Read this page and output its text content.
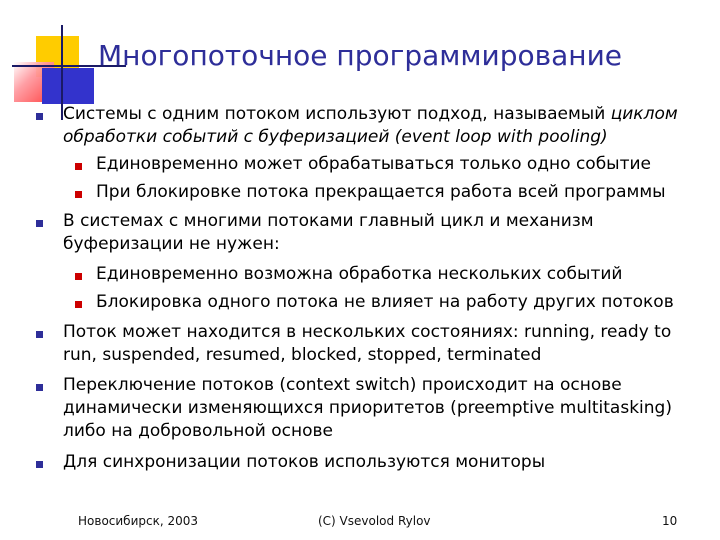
Многопоточное программирование
Системы с одним потоком используют подход, называемый циклом обработки событий с буферизацией (event loop with pooling)
Единовременно может обрабатываться только одно событие
При блокировке потока прекращается работа всей программы
В системах с многими потоками главный цикл и механизм буферизации не нужен:
Единовременно возможна обработка нескольких событий
Блокировка одного потока не влияет на работу других потоков
Поток может находится в нескольких состояниях: running, ready to run, suspended, resumed, blocked, stopped, terminated
Переключение потоков (context switch) происходит на основе динамически изменяющихся приоритетов (preemptive multitasking) либо на добровольной основе
Для синхронизации потоков используются мониторы
Новосибирск, 2003	(C) Vsevolod Rylov	10
